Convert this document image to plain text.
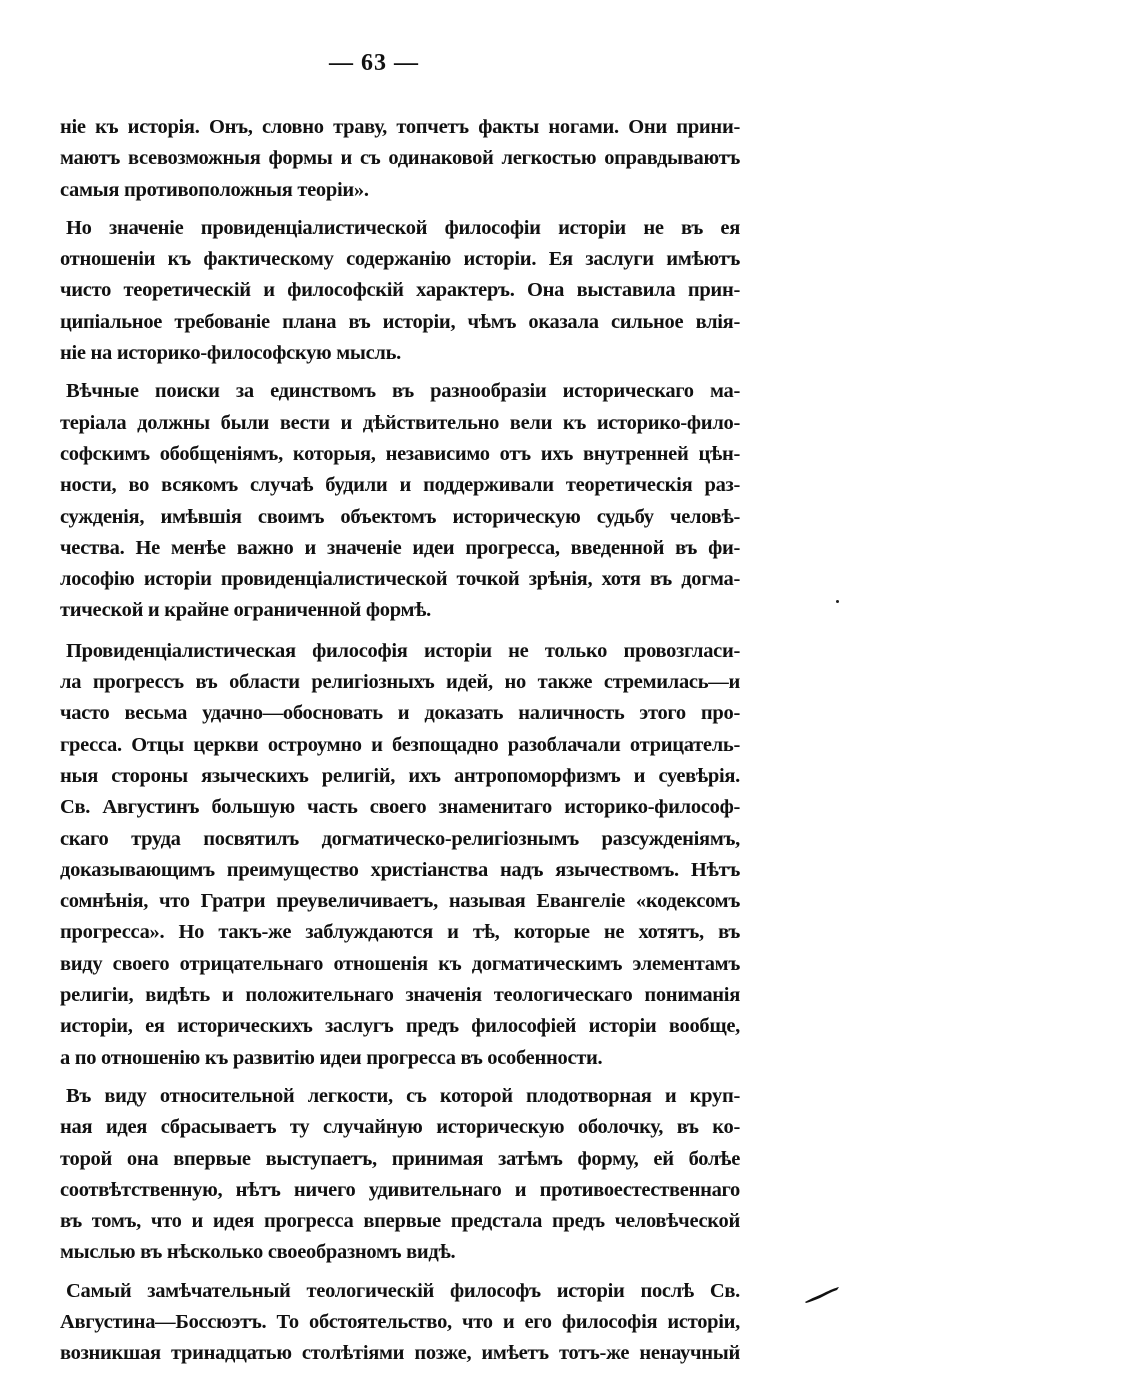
— 63 —
ніе къ исторія. Онъ, словно траву, топчетъ факты ногами. Они прини-
маютъ всевозможныя формы и съ одинаковой легкостью оправдываютъ
самыя противоположныя теоріи».
Но значеніе провиденціалистической философіи исторіи не въ ея
отношеніи къ фактическому содержанію исторіи. Ея заслуги имѣютъ
чисто теоретическій и философскій характеръ. Она выставила прин-
ципіальное требованіе плана въ исторіи, чѣмъ оказала сильное влія-
ніе на историко-философскую мысль.
Вѣчные поиски за единствомъ въ разнообразіи историческаго ма-
теріала должны были вести и дѣйствительно вели къ историко-фило-
софскимъ обобщеніямъ, которыя, независимо отъ ихъ внутренней цѣн-
ности, во всякомъ случаѣ будили и поддерживали теоретическія раз-
сужденія, имѣвшія своимъ объектомъ историческую судьбу человѣ-
чества. Не менѣе важно и значеніе идеи прогресса, введенной въ фи-
лософію исторіи провиденціалистической точкой зрѣнія, хотя въ догма-
тической и крайне ограниченной формѣ.
Провиденціалистическая философія исторіи не только провозгласи-
ла прогрессъ въ области религіозныхъ идей, но также стремилась—и
часто весьма удачно—обосновать и доказать наличность этого про-
гресса. Отцы церкви остроумно и безпощадно разоблачали отрицатель-
ныя стороны языческихъ религій, ихъ антропоморфизмъ и суевѣрія.
Св. Августинъ большую часть своего знаменитаго историко-философ-
скаго труда посвятилъ догматическо-религіознымъ разсужденіямъ,
доказывающимъ преимущество христіанства надъ язычествомъ. Нѣтъ
сомнѣнія, что Гратри преувеличиваетъ, называя Евангеліе «кодексомъ
прогресса». Но такъ-же заблуждаются и тѣ, которые не хотятъ, въ
виду своего отрицательнаго отношенія къ догматическимъ элементамъ
религіи, видѣть и положительнаго значенія теологическаго пониманія
исторіи, ея историческихъ заслугъ предъ философіей исторіи вообще,
а по отношенію къ развитію идеи прогресса въ особенности.
Въ виду относительной легкости, съ которой плодотворная и круп-
ная идея сбрасываетъ ту случайную историческую оболочку, въ ко-
торой она впервые выступаетъ, принимая затѣмъ форму, ей болѣе
соотвѣтственную, нѣтъ ничего удивительнаго и противоестественнаго
въ томъ, что и идея прогресса впервые предстала предъ человѣческой
мыслью въ нѣсколько своеобразномъ видѣ.
Самый замѣчательный теологическій философъ исторіи послѣ Св.
Августина—Боссюэтъ. То обстоятельство, что и его философія исторіи,
возникшая тринадцатью столѣтіями позже, имѣетъ тотъ-же ненаучный
